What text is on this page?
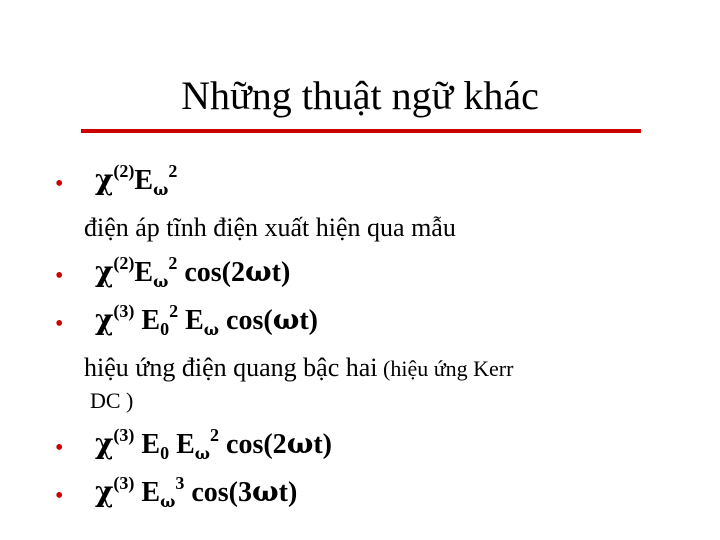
Những thuật ngữ khác
• $\chi^{(2)}E_\omega^2$
điện áp tĩnh điện xuất hiện qua mẫu
• $\chi^{(2)}E_\omega^2$ cos(2ωt)
• $\chi^{(3)}$ $E_0^2$ $E_\omega$ cos(ωt)
hiệu ứng điện quang bậc hai (hiệu ứng Kerr
DC )
• $\chi^{(3)}$ $E_0$ $E_\omega^2$ cos(2ωt)
• $\chi^{(3)}$ $E_\omega^3$ cos(3ωt)
